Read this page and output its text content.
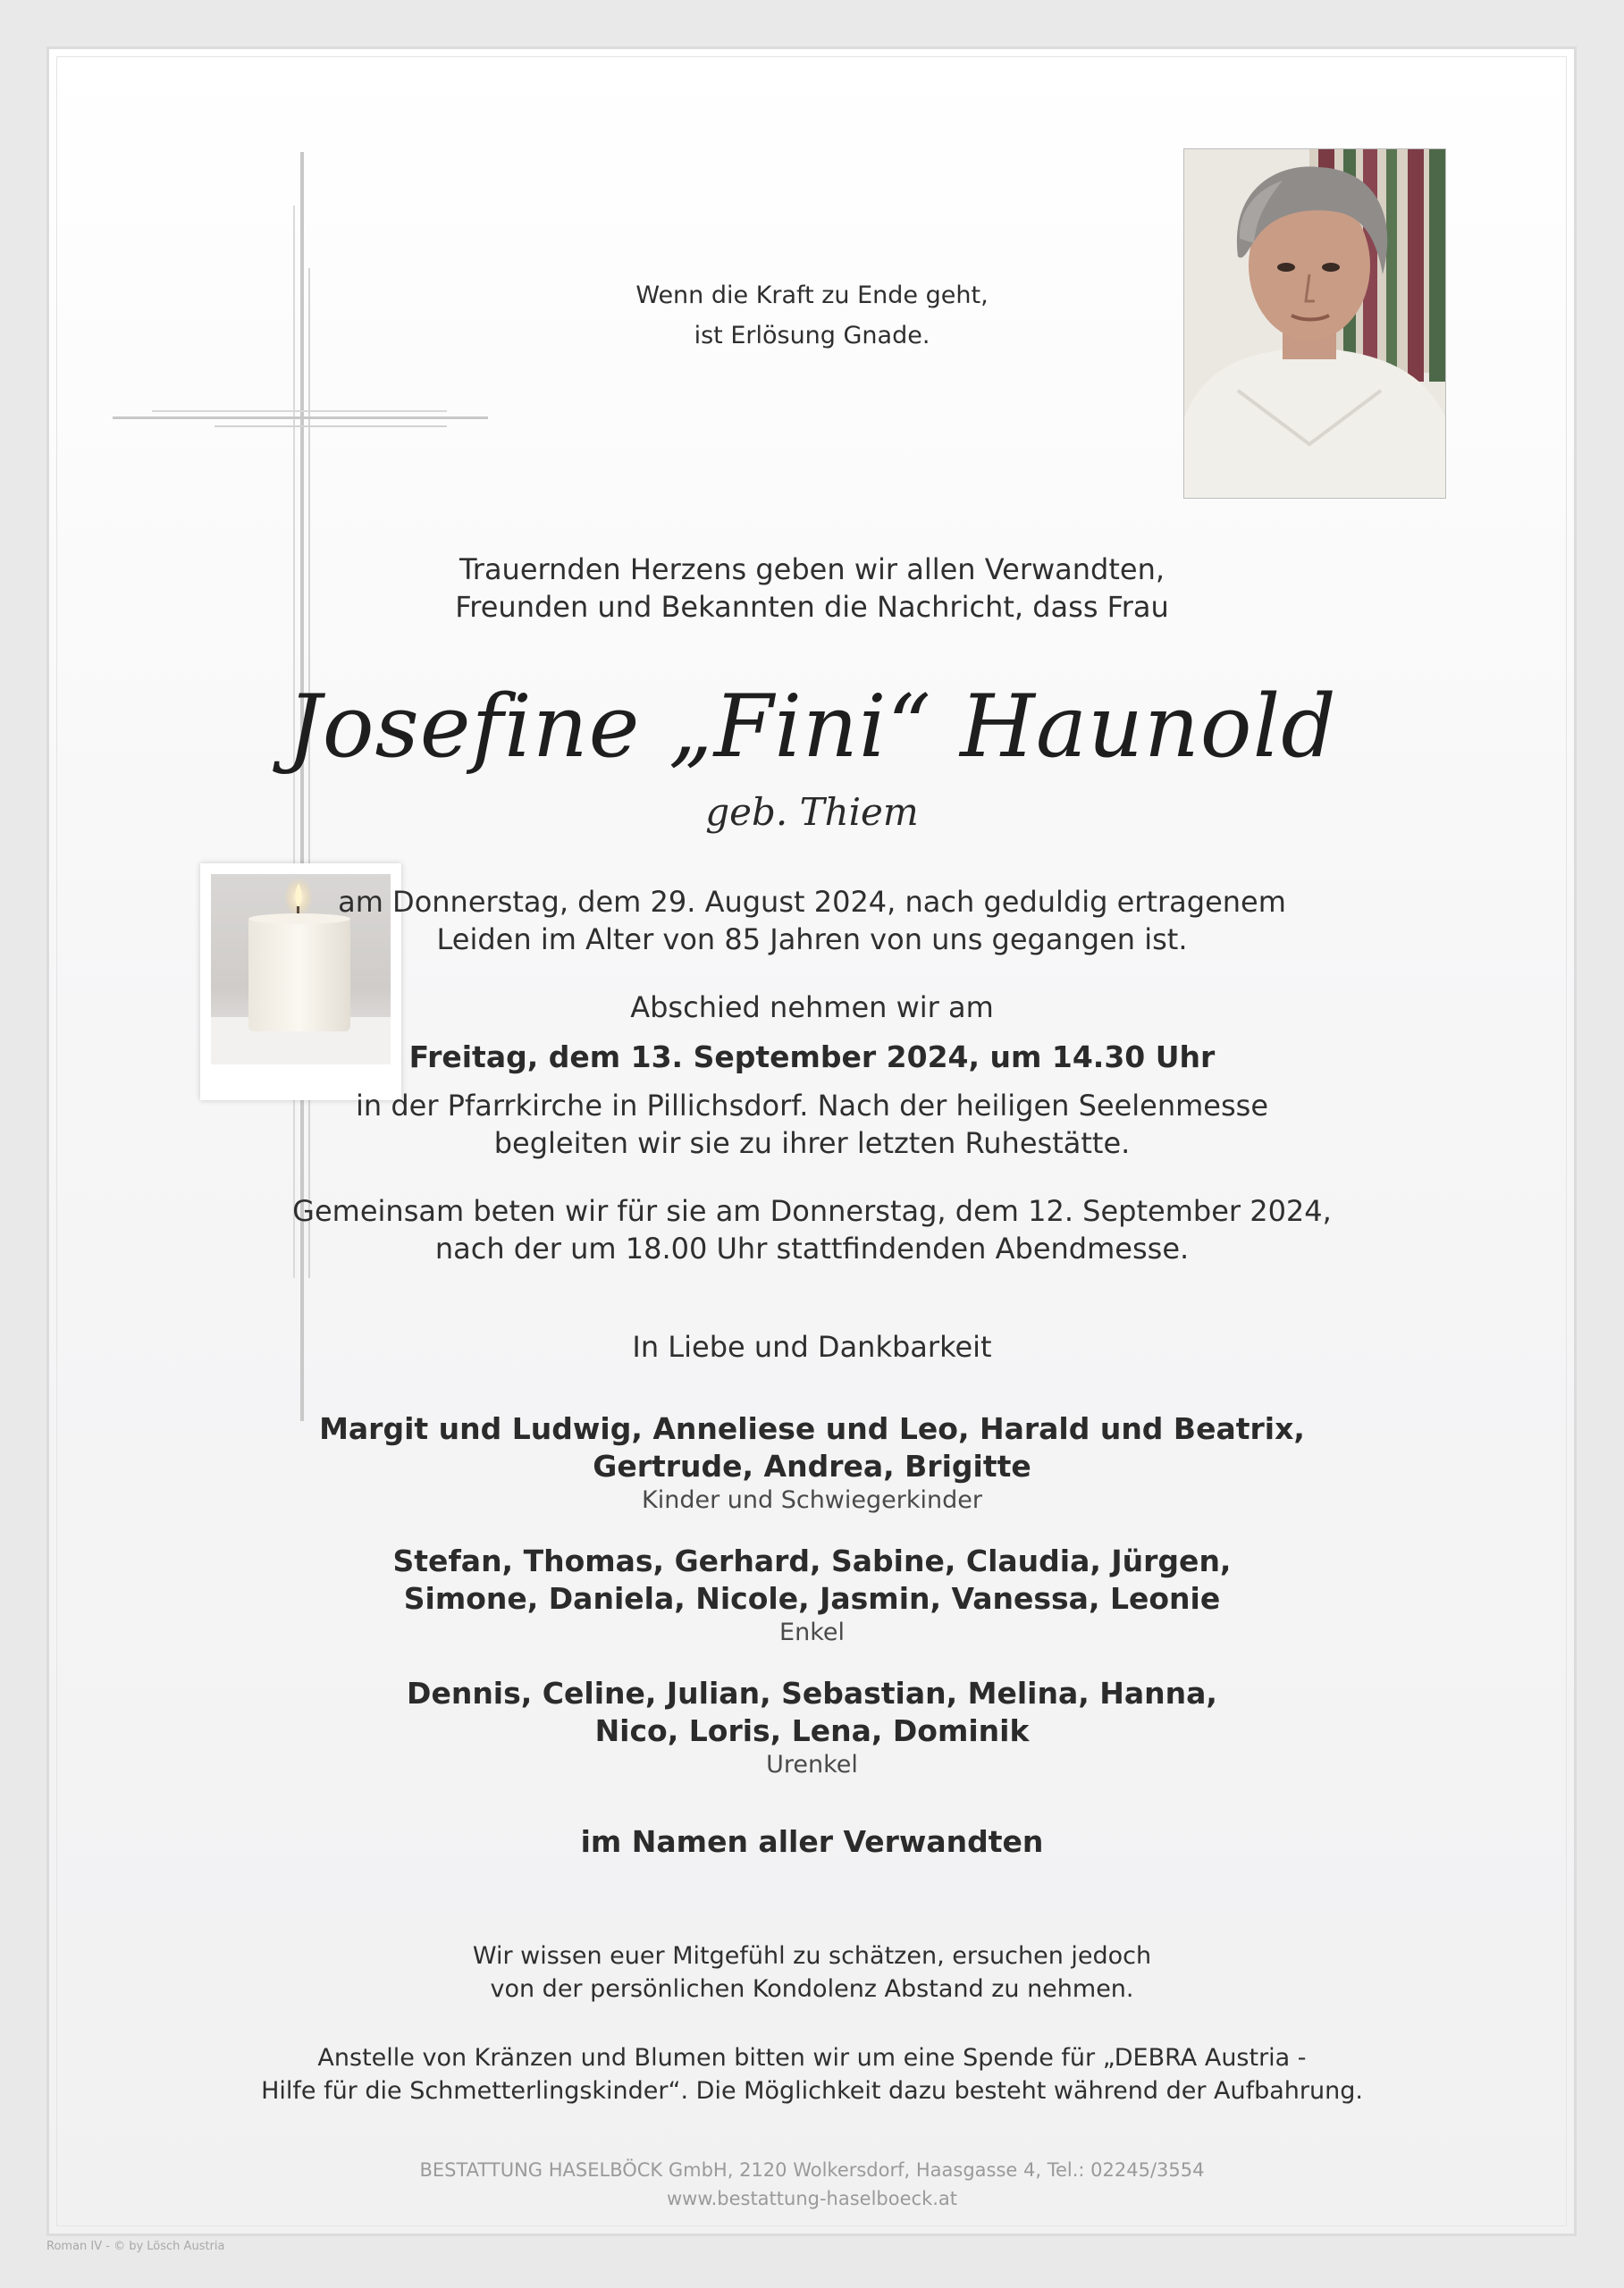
Wenn die Kraft zu Ende geht,
ist Erlösung Gnade.
Trauernden Herzens geben wir allen Verwandten,
Freunden und Bekannten die Nachricht, dass Frau
Josefine „Fini“ Haunold
geb. Thiem
am Donnerstag, dem 29. August 2024, nach geduldig ertragenem
Leiden im Alter von 85 Jahren von uns gegangen ist.
Abschied nehmen wir am
Freitag, dem 13. September 2024, um 14.30 Uhr
in der Pfarrkirche in Pillichsdorf. Nach der heiligen Seelenmesse
begleiten wir sie zu ihrer letzten Ruhestätte.
Gemeinsam beten wir für sie am Donnerstag, dem 12. September 2024,
nach der um 18.00 Uhr stattfindenden Abendmesse.
In Liebe und Dankbarkeit
Margit und Ludwig, Anneliese und Leo, Harald und Beatrix,
Gertrude, Andrea, Brigitte
Kinder und Schwiegerkinder
Stefan, Thomas, Gerhard, Sabine, Claudia, Jürgen,
Simone, Daniela, Nicole, Jasmin, Vanessa, Leonie
Enkel
Dennis, Celine, Julian, Sebastian, Melina, Hanna,
Nico, Loris, Lena, Dominik
Urenkel
im Namen aller Verwandten
Wir wissen euer Mitgefühl zu schätzen, ersuchen jedoch
von der persönlichen Kondolenz Abstand zu nehmen.
Anstelle von Kränzen und Blumen bitten wir um eine Spende für „DEBRA Austria -
Hilfe für die Schmetterlingskinder“. Die Möglichkeit dazu besteht während der Aufbahrung.
BESTATTUNG HASELBÖCK GmbH, 2120 Wolkersdorf, Haasgasse 4, Tel.: 02245/3554
www.bestattung-haselboeck.at
Roman IV - © by Lösch Austria
